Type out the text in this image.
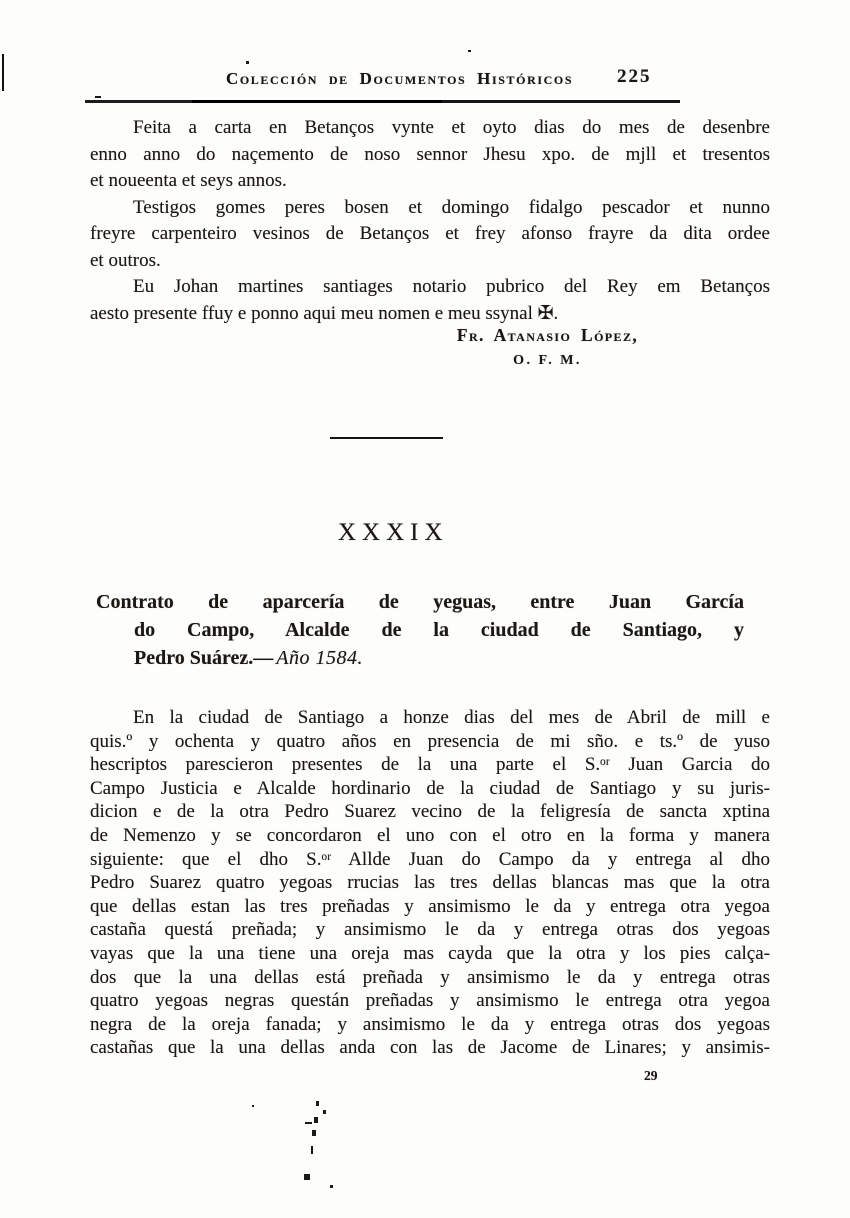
Colección de Documentos Históricos 225
Feita a carta en Betanços vynte et oyto dias do mes de desenbre
enno anno do naçemento de noso sennor Jhesu xpo. de mjll et tresentos
et noueenta et seys annos.
Testigos gomes peres bosen et domingo fidalgo pescador et nunno
freyre carpenteiro vesinos de Betanços et frey afonso frayre da dita ordee
et outros.
Eu Johan martines santiages notario pubrico del Rey em Betanços
aesto presente ffuy e ponno aqui meu nomen e meu ssynal ✠.
Fr. Atanasio López,
O. F. M.
XXXIX
Contrato de aparcería de yeguas, entre Juan García
do Campo, Alcalde de la ciudad de Santiago, y
Pedro Suárez.— Año 1584.
En la ciudad de Santiago a honze dias del mes de Abril de mill e
quis.º y ochenta y quatro años en presencia de mi sño. e ts.º de yuso
hescriptos parescieron presentes de la una parte el S.ᵒʳ Juan Garcia do
Campo Justicia e Alcalde hordinario de la ciudad de Santiago y su juris-
dicion e de la otra Pedro Suarez vecino de la feligresía de sancta xptina
de Nemenzo y se concordaron el uno con el otro en la forma y manera
siguiente: que el dho S.ᵒʳ Allde Juan do Campo da y entrega al dho
Pedro Suarez quatro yegoas rrucias las tres dellas blancas mas que la otra
que dellas estan las tres preñadas y ansimismo le da y entrega otra yegoa
castaña questá preñada; y ansimismo le da y entrega otras dos yegoas
vayas que la una tiene una oreja mas cayda que la otra y los pies calça-
dos que la una dellas está preñada y ansimismo le da y entrega otras
quatro yegoas negras questán preñadas y ansimismo le entrega otra yegoa
negra de la oreja fanada; y ansimismo le da y entrega otras dos yegoas
castañas que la una dellas anda con las de Jacome de Linares; y ansimis-
29
